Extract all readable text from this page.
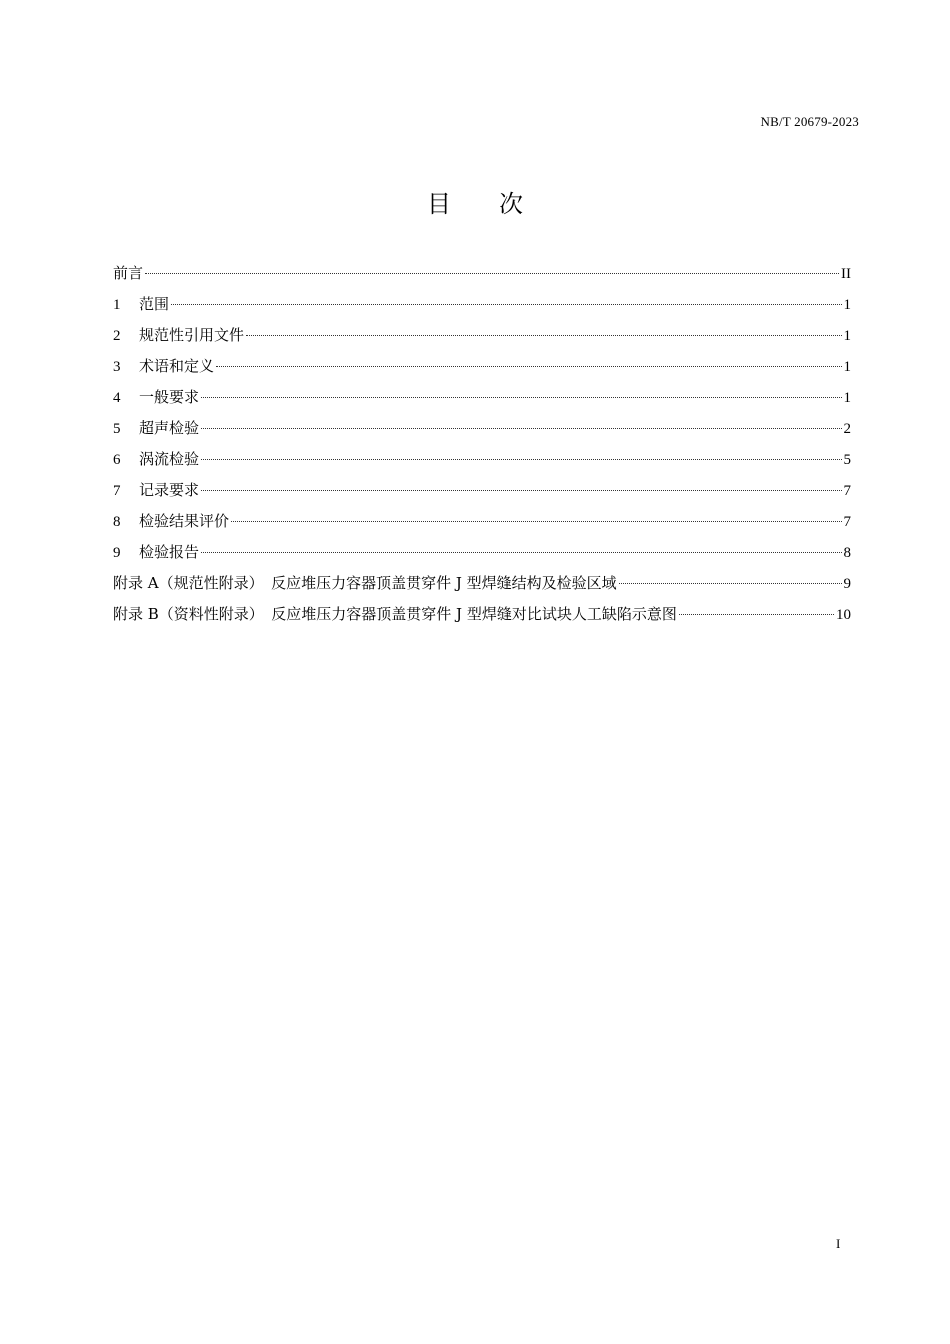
NB/T 20679-2023
目次
前言	II
1 范围	1
2 规范性引用文件	1
3 术语和定义	1
4 一般要求	1
5 超声检验	2
6 涡流检验	5
7 记录要求	7
8 检验结果评价	7
9 检验报告	8
附录 A（规范性附录）　反应堆压力容器顶盖贯穿件 J 型焊缝结构及检验区域	9
附录 B（资料性附录）　反应堆压力容器顶盖贯穿件 J 型焊缝对比试块人工缺陷示意图	10
I
